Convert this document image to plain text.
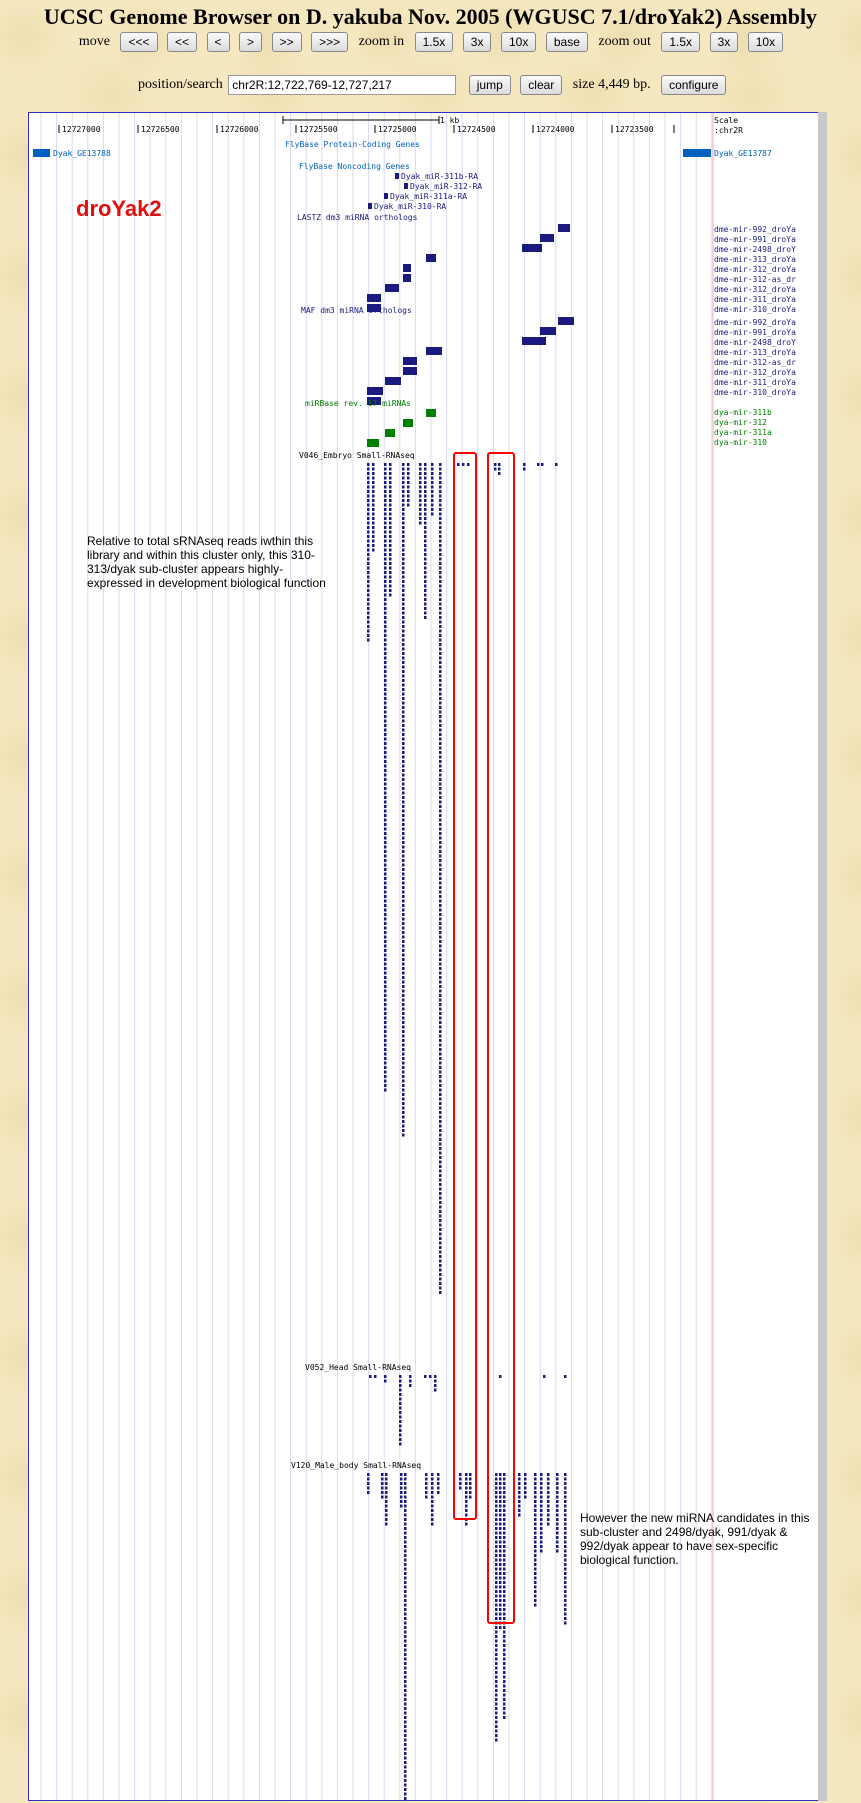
UCSC Genome Browser on D. yakuba Nov. 2005 (WGUSC 7.1/droYak2) Assembly
move <<< << < > >> >>> zoom in 1.5x 3x 10x base zoom out 1.5x 3x 10x
position/search chr2R:12,722,769-12,727,217	jump clear size 4,449 bp. configure
12727000	12726500	12726000	12725500	12725000	12724500	12724000	12723500
Scale
:chr2R
1 kb
FlyBase Protein-Coding Genes
Dyak_GE13788	Dyak_GE13787
FlyBase Noncoding Genes
Dyak_miR-311b-RA
Dyak_miR-312-RA
Dyak_miR-311a-RA
Dyak_miR-310-RA
LASTZ dm3 miRNA orthologs
dme-mir-992_droYa
dme-mir-991_droYa
dme-mir-2498_droY
dme-mir-313_droYa
dme-mir-312_droYa
dme-mir-312-as_dr
dme-mir-312_droYa
dme-mir-311_droYa
dme-mir-310_droYa
MAF dm3 miRNA orthologs
dme-mir-992_droYa
dme-mir-991_droYa
dme-mir-2498_droY
dme-mir-313_droYa
dme-mir-312-as_dr
dme-mir-312_droYa
dme-mir-311_droYa
dme-mir-310_droYa
miRBase rev. 17 miRNAs
dya-mir-311b
dya-mir-312
dya-mir-311a
dya-mir-310
V046_Embryo Small-RNAseq
V052_Head Small-RNAseq
V120_Male_body Small-RNAseq
droYak2
Relative to total sRNAseq reads iwthin this library and within this cluster only, this 310-313/dyak sub-cluster appears highly-expressed in development biological function
However the new miRNA candidates in this sub-cluster and 2498/dyak, 991/dyak & 992/dyak appear to have sex-specific biological function.
